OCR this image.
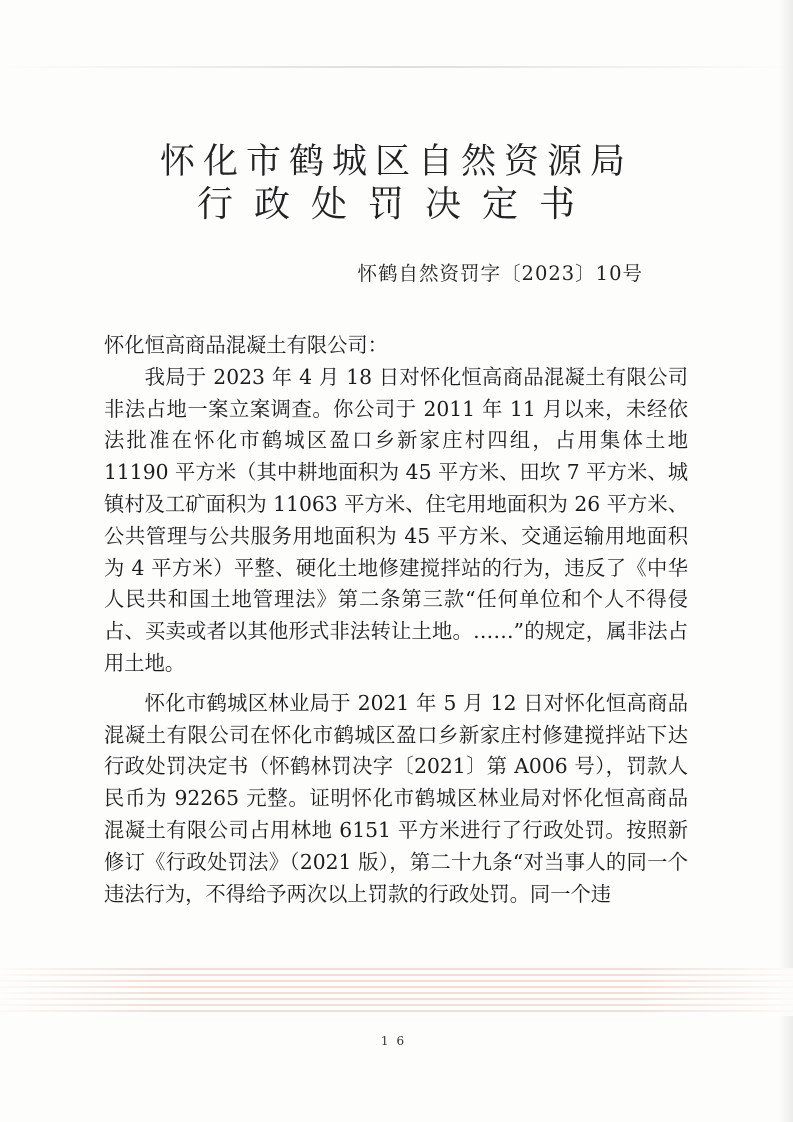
怀化市鹤城区自然资源局
行政处罚决定书
怀鹤自然资罚字〔2023〕10号

怀化恒高商品混凝土有限公司：

我局于 2023 年 4 月 18 日对怀化恒高商品混凝土有限公司非法占地一案立案调查。你公司于 2011 年 11 月以来，未经依法批准在怀化市鹤城区盈口乡新家庄村四组，占用集体土地 11190 平方米（其中耕地面积为 45 平方米、田坎 7 平方米、城镇村及工矿面积为 11063 平方米、住宅用地面积为 26 平方米、公共管理与公共服务用地面积为 45 平方米、交通运输用地面积为 4 平方米）平整、硬化土地修建搅拌站的行为，违反了《中华人民共和国土地管理法》第二条第三款“任何单位和个人不得侵占、买卖或者以其他形式非法转让土地。……”的规定，属非法占用土地。

怀化市鹤城区林业局于 2021 年 5 月 12 日对怀化恒高商品混凝土有限公司在怀化市鹤城区盈口乡新家庄村修建搅拌站下达行政处罚决定书（怀鹤林罚决字〔2021〕第 A006 号），罚款人民币为 92265 元整。证明怀化市鹤城区林业局对怀化恒高商品混凝土有限公司占用林地 6151 平方米进行了行政处罚。按照新修订《行政处罚法》（2021 版），第二十九条“对当事人的同一个违法行为，不得给予两次以上罚款的行政处罚。同一个违

16
